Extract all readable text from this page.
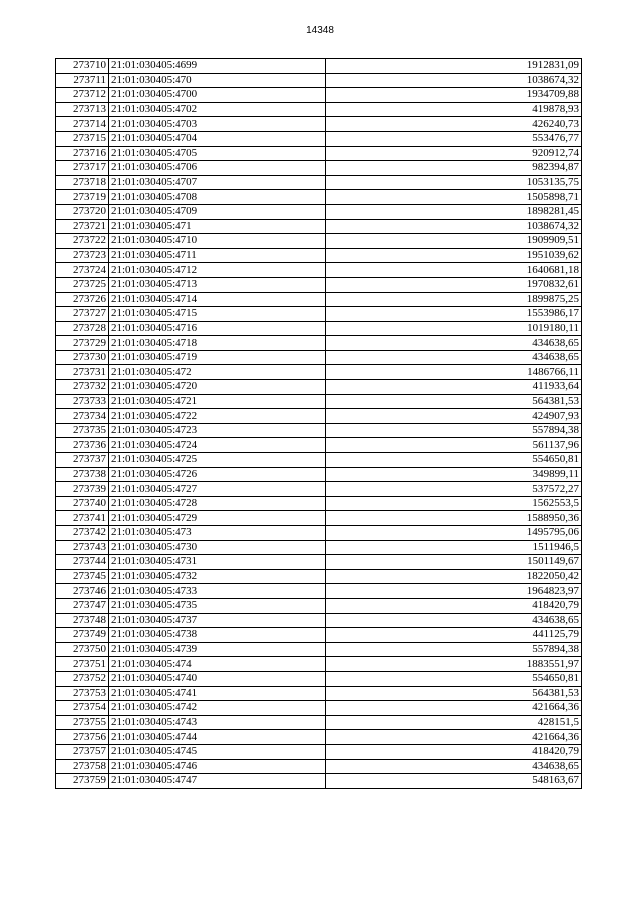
14348
273710	21:01:030405:4699	1912831,09
273711	21:01:030405:470	1038674,32
273712	21:01:030405:4700	1934709,88
273713	21:01:030405:4702	419878,93
273714	21:01:030405:4703	426240,73
273715	21:01:030405:4704	553476,77
273716	21:01:030405:4705	920912,74
273717	21:01:030405:4706	982394,87
273718	21:01:030405:4707	1053135,75
273719	21:01:030405:4708	1505898,71
273720	21:01:030405:4709	1898281,45
273721	21:01:030405:471	1038674,32
273722	21:01:030405:4710	1909909,51
273723	21:01:030405:4711	1951039,62
273724	21:01:030405:4712	1640681,18
273725	21:01:030405:4713	1970832,61
273726	21:01:030405:4714	1899875,25
273727	21:01:030405:4715	1553986,17
273728	21:01:030405:4716	1019180,11
273729	21:01:030405:4718	434638,65
273730	21:01:030405:4719	434638,65
273731	21:01:030405:472	1486766,11
273732	21:01:030405:4720	411933,64
273733	21:01:030405:4721	564381,53
273734	21:01:030405:4722	424907,93
273735	21:01:030405:4723	557894,38
273736	21:01:030405:4724	561137,96
273737	21:01:030405:4725	554650,81
273738	21:01:030405:4726	349899,11
273739	21:01:030405:4727	537572,27
273740	21:01:030405:4728	1562553,5
273741	21:01:030405:4729	1588950,36
273742	21:01:030405:473	1495795,06
273743	21:01:030405:4730	1511946,5
273744	21:01:030405:4731	1501149,67
273745	21:01:030405:4732	1822050,42
273746	21:01:030405:4733	1964823,97
273747	21:01:030405:4735	418420,79
273748	21:01:030405:4737	434638,65
273749	21:01:030405:4738	441125,79
273750	21:01:030405:4739	557894,38
273751	21:01:030405:474	1883551,97
273752	21:01:030405:4740	554650,81
273753	21:01:030405:4741	564381,53
273754	21:01:030405:4742	421664,36
273755	21:01:030405:4743	428151,5
273756	21:01:030405:4744	421664,36
273757	21:01:030405:4745	418420,79
273758	21:01:030405:4746	434638,65
273759	21:01:030405:4747	548163,67
